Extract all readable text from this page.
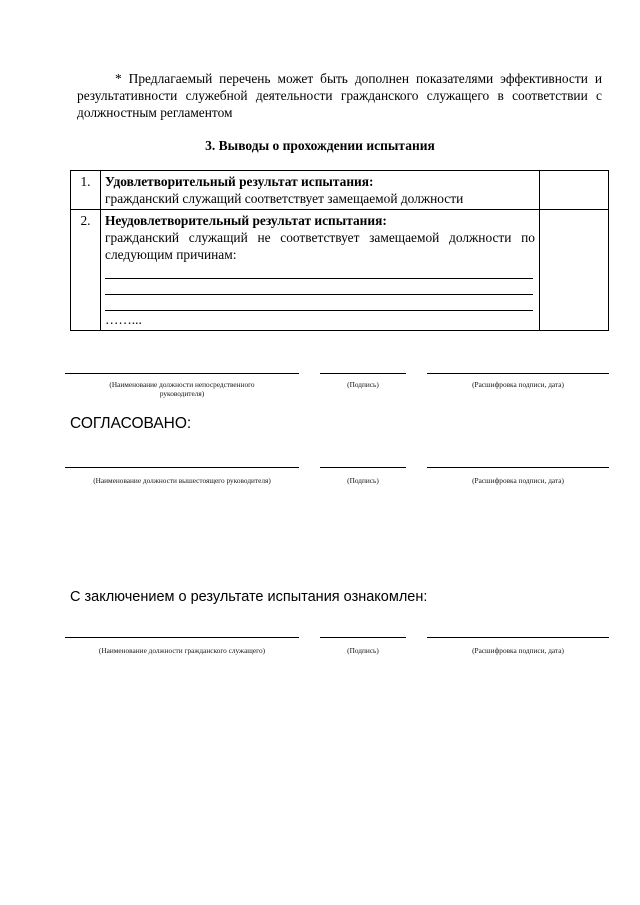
* Предлагаемый перечень может быть дополнен показателями эффективности и результативности служебной деятельности гражданского служащего в соответствии с должностным регламентом
3. Выводы о прохождении испытания
1.	Удовлетворительный результат испытания:
гражданский служащий соответствует замещаемой должности	

2.	Неудовлетворительный результат испытания:
гражданский служащий не соответствует замещаемой должности по следующим причинам:
……...	

(Наименование должности непосредственного руководителя)
(Подпись)	(Расшифровка подписи, дата)
СОГЛАСОВАНО:
(Наименование должности вышестоящего руководителя)	(Подпись)	(Расшифровка подписи, дата)
С заключением о результате испытания ознакомлен:
(Наименование должности гражданского служащего)	(Подпись)	(Расшифровка подписи, дата)
